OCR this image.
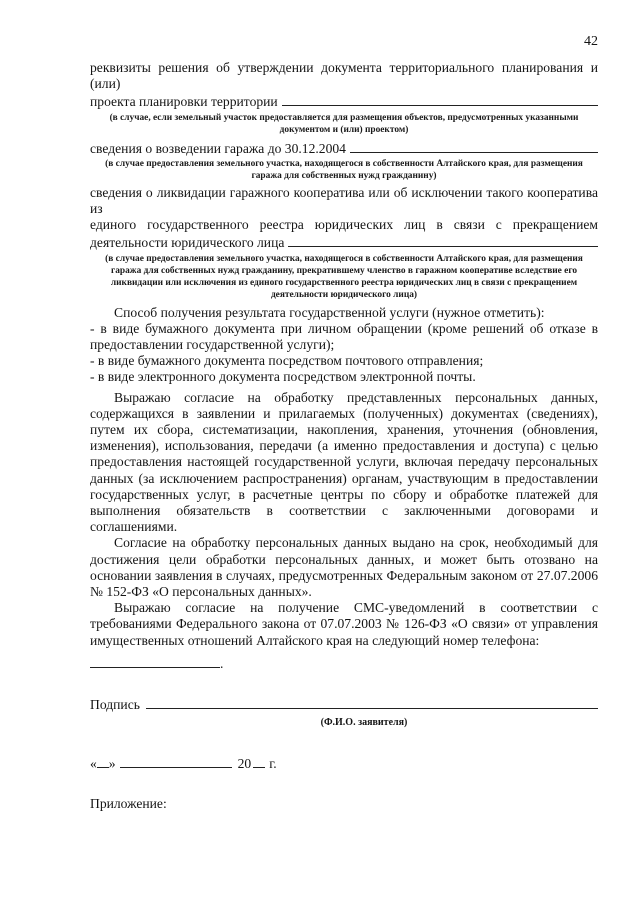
42
реквизиты решения об утверждении документа территориального планирования и (или)
проекта планировки территории
(в случае, если земельный участок предоставляется для размещения объектов, предусмотренных указанными документом и (или) проектом)
сведения о возведении гаража до 30.12.2004
(в случае предоставления земельного участка, находящегося в собственности Алтайского края, для размещения гаража для собственных нужд гражданину)
сведения о ликвидации гаражного кооператива или об исключении такого кооператива из
единого государственного реестра юридических лиц в связи с прекращением
деятельности юридического лица
(в случае предоставления земельного участка, находящегося в собственности Алтайского края, для размещения гаража для собственных нужд гражданину, прекратившему членство в гаражном кооперативе вследствие его ликвидации или исключения из единого государственного реестра юридических лиц в связи с прекращением деятельности юридического лица)
Способ получения результата государственной услуги (нужное отметить):
- в виде бумажного документа при личном обращении (кроме решений об отказе в предоставлении государственной услуги);
- в виде бумажного документа посредством почтового отправления;
- в виде электронного документа посредством электронной почты.
Выражаю согласие на обработку представленных персональных данных, содержащихся в заявлении и прилагаемых (полученных) документах (сведениях), путем их сбора, систематизации, накопления, хранения, уточнения (обновления, изменения), использования, передачи (а именно предоставления и доступа) с целью предоставления настоящей государственной услуги, включая передачу персональных данных (за исключением распространения) органам, участвующим в предоставлении государственных услуг, в расчетные центры по сбору и обработке платежей для выполнения обязательств в соответствии с заключенными договорами и соглашениями.
Согласие на обработку персональных данных выдано на срок, необходимый для достижения цели обработки персональных данных, и может быть отозвано на основании заявления в случаях, предусмотренных Федеральным законом от 27.07.2006 № 152-ФЗ «О персональных данных».
Выражаю согласие на получение СМС-уведомлений в соответствии с требованиями Федерального закона от 07.07.2003 № 126-ФЗ «О связи» от управления имущественных отношений Алтайского края на следующий номер телефона:
.
Подпись
(Ф.И.О. заявителя)
« »	20 г.
Приложение:
